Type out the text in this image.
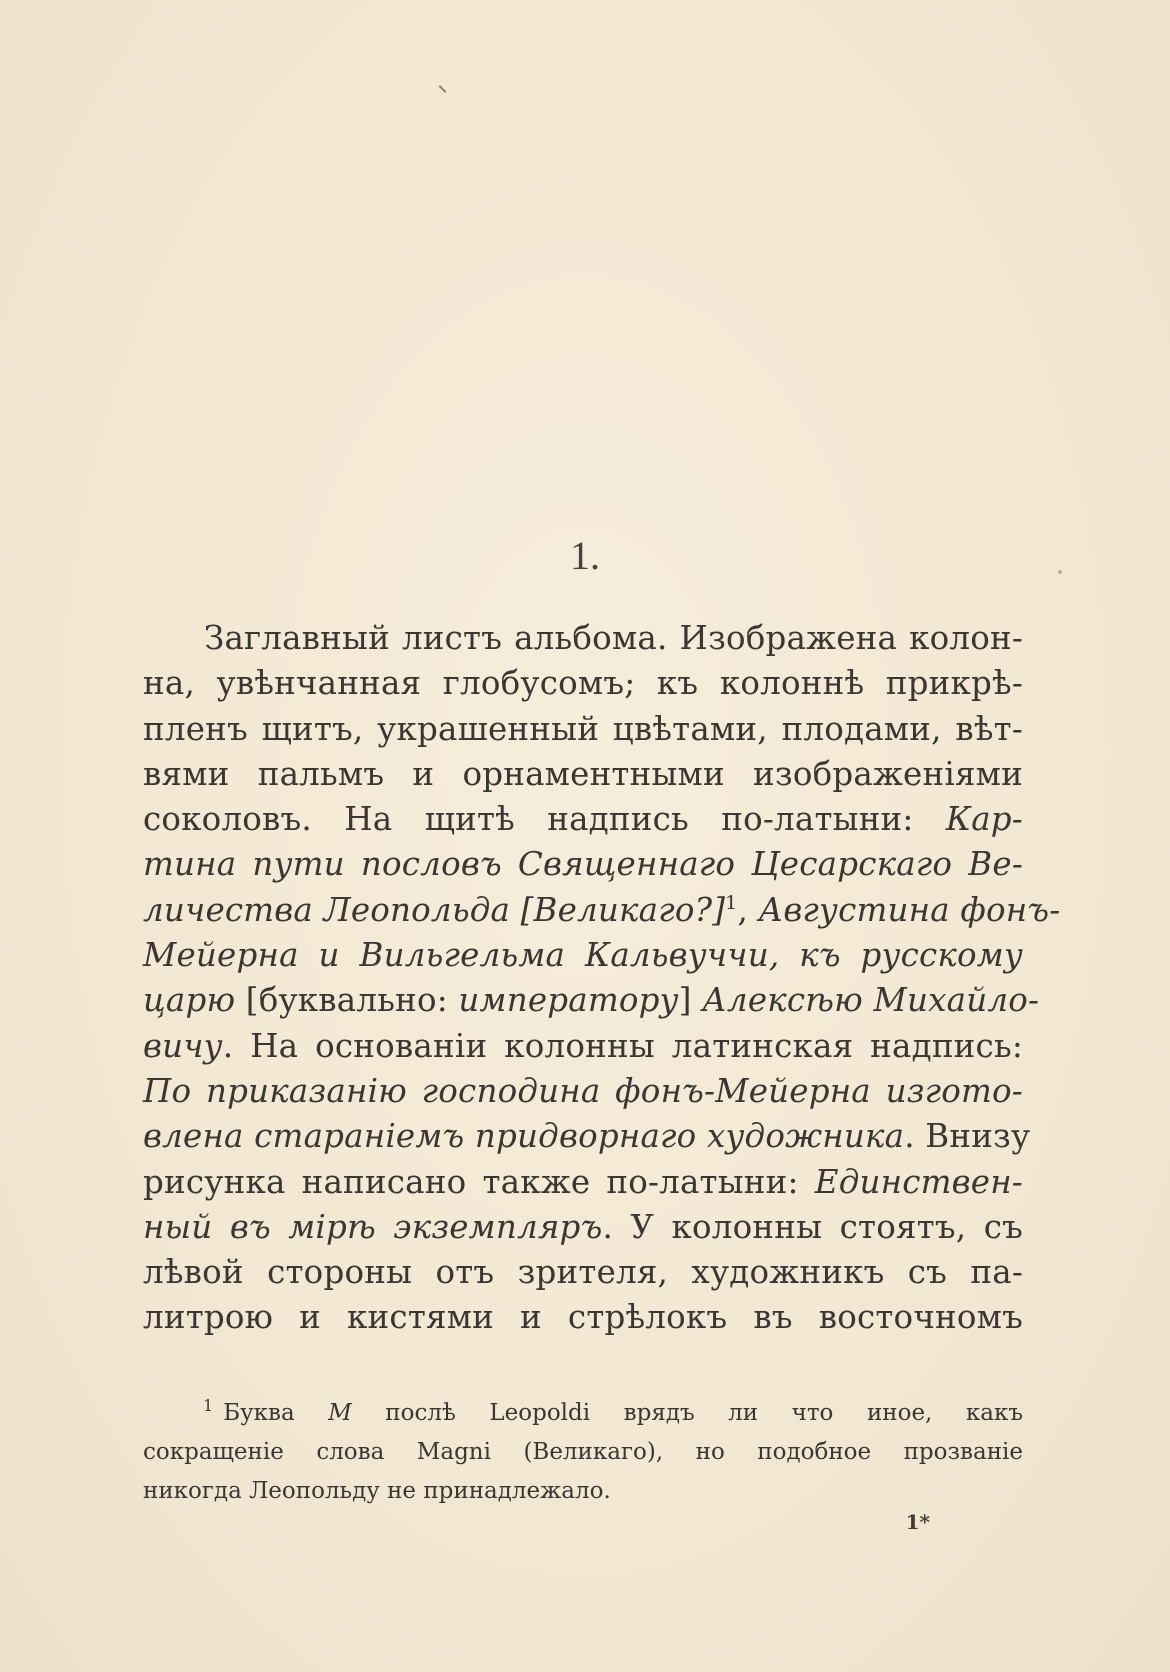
1.
Заглавный листъ альбома. Изображена колон-
на, увѣнчанная глобусомъ; къ колоннѣ прикрѣ-
пленъ щитъ, украшенный цвѣтами, плодами, вѣт-
вями пальмъ и орнаментными изображеніями
соколовъ. На щитѣ надпись по-латыни: Кар-
тина пути пословъ Священнаго Цесарскаго Ве-
личества Леопольда [Великаго?]$^1$, Августина фонъ-
Мейерна и Вильгельма Кальвуччи, къ русскому
царю [буквально: императору] Алексѣю Михайло-
вичу. На основаніи колонны латинская надпись:
По приказанію господина фонъ-Мейерна изгото-
влена стараніемъ придворнаго художника. Внизу
рисунка написано также по-латыни: Единствен-
ный въ мірѣ экземпляръ. У колонны стоятъ, съ
лѣвой стороны отъ зрителя, художникъ съ па-
литрою и кистями и стрѣлокъ въ восточномъ
$^1$ Буква M послѣ Leopoldi врядъ ли что иное, какъ
сокращеніе слова Magni (Великаго), но подобное прозваніе
никогда Леопольду не принадлежало.
1*
